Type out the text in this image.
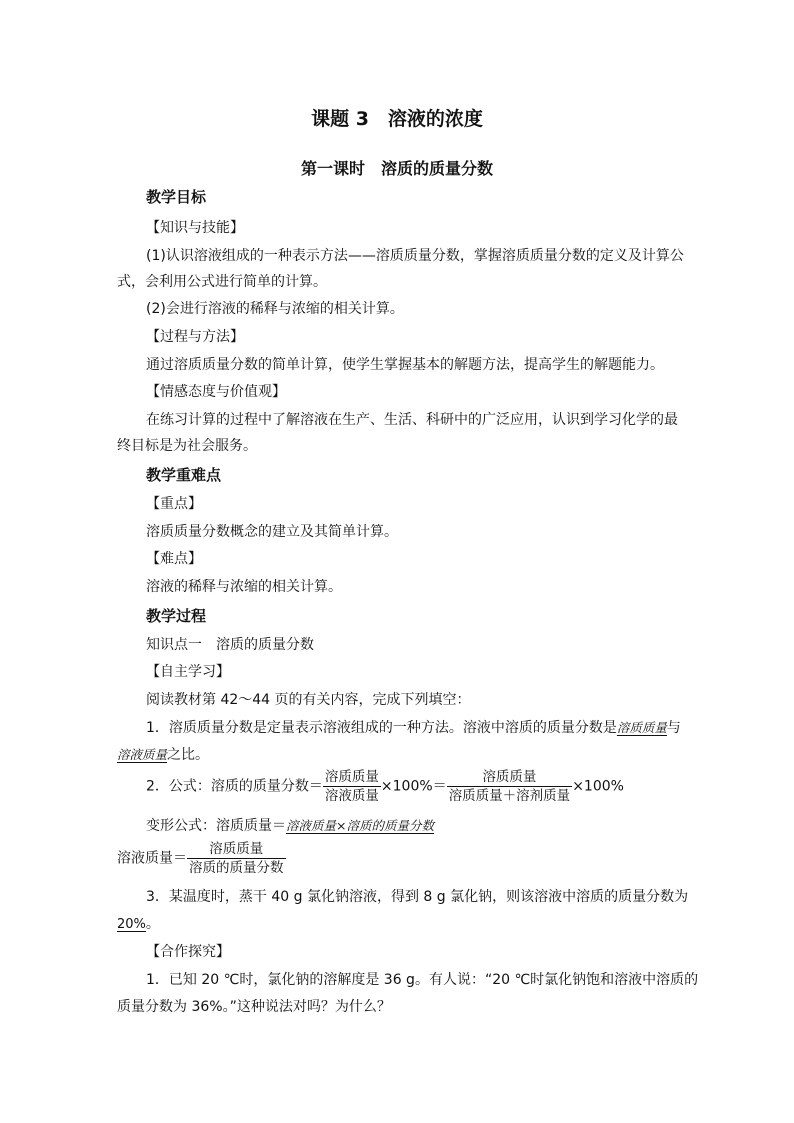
课题 3　溶液的浓度
第一课时　溶质的质量分数
教学目标
【知识与技能】
(1)认识溶液组成的一种表示方法——溶质质量分数，掌握溶质质量分数的定义及计算公
式，会利用公式进行简单的计算。
(2)会进行溶液的稀释与浓缩的相关计算。
【过程与方法】
通过溶质质量分数的简单计算，使学生掌握基本的解题方法，提高学生的解题能力。
【情感态度与价值观】
在练习计算的过程中了解溶液在生产、生活、科研中的广泛应用，认识到学习化学的最
终目标是为社会服务。
教学重难点
【重点】
溶质质量分数概念的建立及其简单计算。
【难点】
溶液的稀释与浓缩的相关计算。
教学过程
知识点一　溶质的质量分数
【自主学习】
阅读教材第 42～44 页的有关内容，完成下列填空：
1．溶质质量分数是定量表示溶液组成的一种方法。溶液中溶质的质量分数是溶质质量与
溶液质量之比。
2．公式：溶质的质量分数＝ $\frac{\text{溶质质量}}{\text{溶液质量}} \times 100\%= \frac{\text{溶质质量}}{\text{溶质质量＋溶剂质量}} \times 100\%$
变形公式：溶质质量＝溶液质量×溶质的质量分数
溶液质量＝ $\frac{\text{溶质质量}}{\text{溶质的质量分数}}$
3．某温度时，蒸干 40 g 氯化钠溶液，得到 8 g 氯化钠，则该溶液中溶质的质量分数为
20%。
【合作探究】
1．已知 20 ℃时，氯化钠的溶解度是 36 g。有人说：“20 ℃时氯化钠饱和溶液中溶质的
质量分数为 36%。”这种说法对吗？为什么？
